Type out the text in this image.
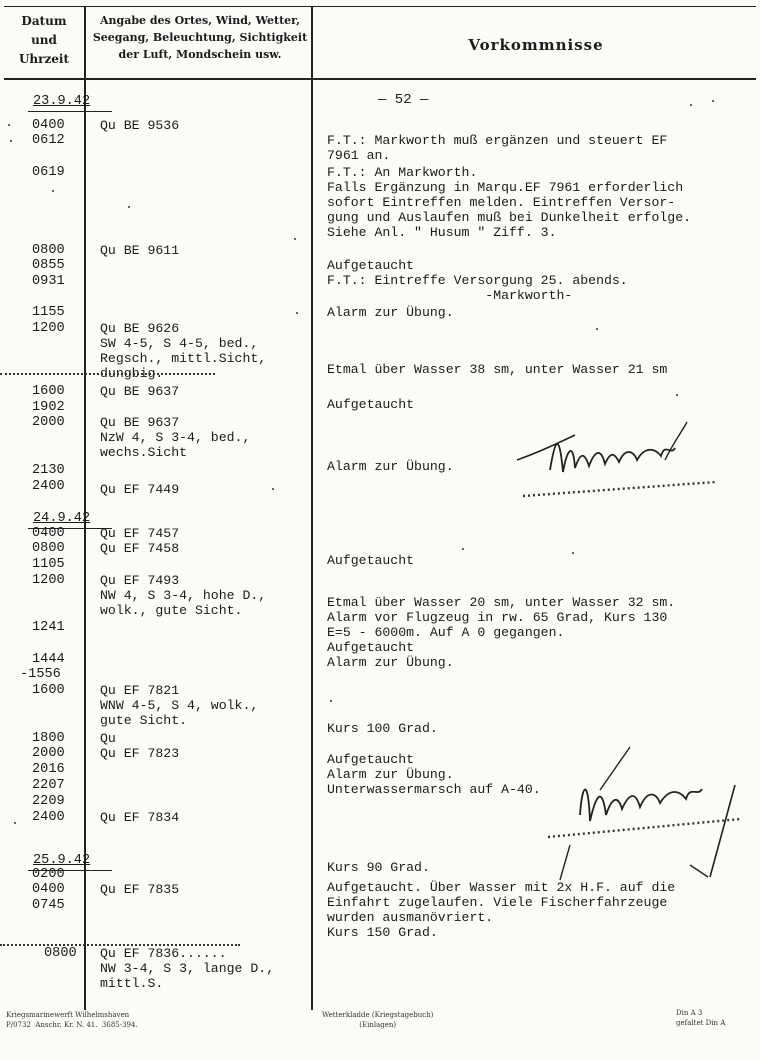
Datum
und
Uhrzeit
Angabe des Ortes, Wind, Wetter,
Seegang, Beleuchtung, Sichtigkeit
der Luft, Mondschein usw.
Vorkommnisse
— 52 —
23.9.42
24.9.42
25.9.42
0400
0612
0619
0800
0855
0931
1155
1200
1600
1902
2000
2130
2400
0400
0800
1105
1200
1241
1444
-1556
1600
1800
2000
2016
2207
2209
2400
0200
0400
0745
0800
Qu BE 9536
Qu BE 9611
Qu BE 9626
SW 4-5, S 4-5, bed.,
Regsch., mittl.Sicht,
dungbig.
Qu BE 9637
Qu BE 9637
NzW 4, S 3-4, bed.,
wechs.Sicht
Qu EF 7449
Qu EF 7457
Qu EF 7458
Qu EF 7493
NW 4, S 3-4, hohe D.,
wolk., gute Sicht.
Qu EF 7821
WNW 4-5, S 4, wolk.,
gute Sicht.
Qu
Qu EF 7823
Qu EF 7834
Qu EF 7835
Qu EF 7836......
NW 3-4, S 3, lange D.,
mittl.S.
F.T.: Markworth muß ergänzen und steuert EF
7961 an.
F.T.: An Markworth.
Falls Ergänzung in Marqu.EF 7961 erforderlich
sofort Eintreffen melden. Eintreffen Versor-
gung und Auslaufen muß bei Dunkelheit erfolge.
Siehe Anl. " Husum " Ziff. 3.
Aufgetaucht
F.T.: Eintreffe Versorgung 25. abends.
-Markworth-
Alarm zur Übung.
Etmal über Wasser 38 sm, unter Wasser 21 sm
Aufgetaucht
Alarm zur Übung.
Aufgetaucht
Etmal über Wasser 20 sm, unter Wasser 32 sm.
Alarm vor Flugzeug in rw. 65 Grad, Kurs 130
E=5 - 6000m. Auf A 0 gegangen.
Aufgetaucht
Alarm zur Übung.
Kurs 100 Grad.
Aufgetaucht
Alarm zur Übung.
Unterwassermarsch auf A-40.
Kurs 90 Grad.
Aufgetaucht. Über Wasser mit 2x H.F. auf die
Einfahrt zugelaufen. Viele Fischerfahrzeuge
wurden ausmanövriert.
Kurs 150 Grad.
Kriegsmarinewerft Wilhelmshaven
P/0732  Anschr. Kr. N. 41.  3685-394.
Wetterkladde (Kriegstagebuch)
(Einlagen)
Din A 3
gefaltet Din A
